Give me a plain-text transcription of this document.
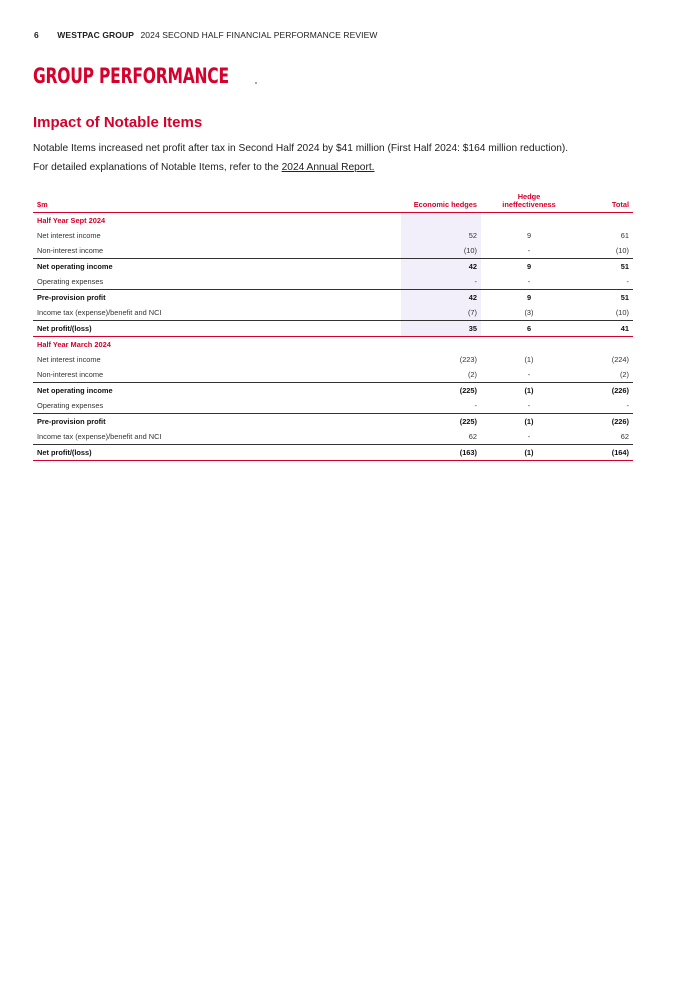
6 WESTPAC GROUP 2024 SECOND HALF FINANCIAL PERFORMANCE REVIEW
GROUP PERFORMANCE
Impact of Notable Items
Notable Items increased net profit after tax in Second Half 2024 by $41 million (First Half 2024: $164 million reduction).
For detailed explanations of Notable Items, refer to the 2024 Annual Report.
$m	Economic hedges		Hedge
ineffectiveness	Total
Half Year Sept 2024				
Net interest income	52		9	61
Non-interest income	(10)		-	(10)
Net operating income	42		9	51
Operating expenses	-		-	-
Pre-provision profit	42		9	51
Income tax (expense)/benefit and NCI	(7)		(3)	(10)
Net profit/(loss)	35		6	41
Half Year March 2024				
Net interest income	(223)		(1)	(224)
Non-interest income	(2)		-	(2)
Net operating income	(225)		(1)	(226)
Operating expenses	-		-	-
Pre-provision profit	(225)		(1)	(226)
Income tax (expense)/benefit and NCI	62		-	62
Net profit/(loss)	(163)		(1)	(164)
